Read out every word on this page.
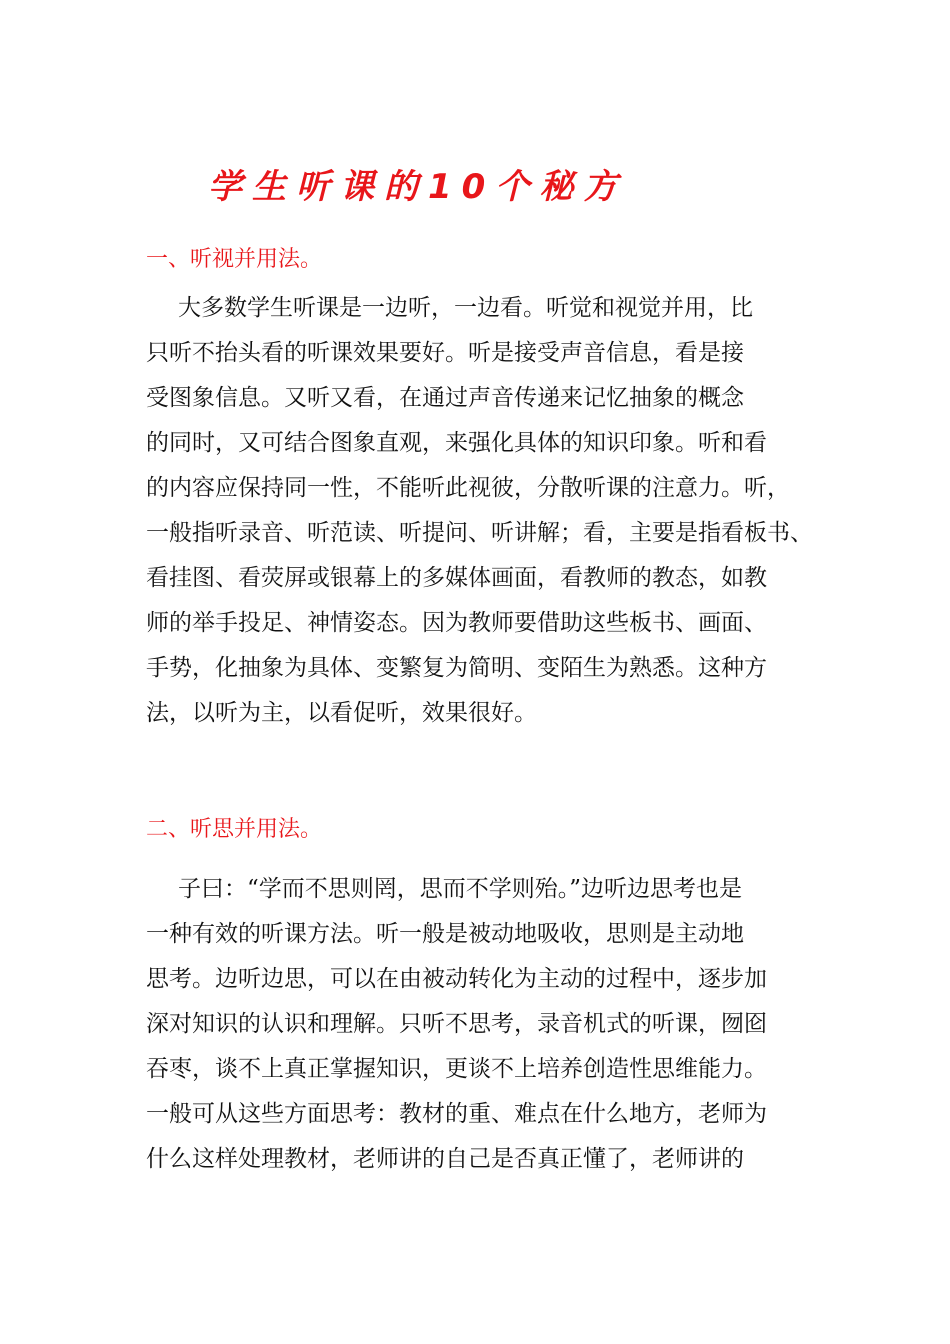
学生听课的10个秘方
一、听视并用法。
大多数学生听课是一边听，一边看。听觉和视觉并用，比
只听不抬头看的听课效果要好。听是接受声音信息，看是接
受图象信息。又听又看，在通过声音传递来记忆抽象的概念
的同时，又可结合图象直观，来强化具体的知识印象。听和看
的内容应保持同一性，不能听此视彼，分散听课的注意力。听，
一般指听录音、听范读、听提问、听讲解；看，主要是指看板书、
看挂图、看荧屏或银幕上的多媒体画面，看教师的教态，如教
师的举手投足、神情姿态。因为教师要借助这些板书、画面、
手势，化抽象为具体、变繁复为简明、变陌生为熟悉。这种方
法，以听为主，以看促听，效果很好。
二、听思并用法。
子曰：“学而不思则罔，思而不学则殆。”边听边思考也是
一种有效的听课方法。听一般是被动地吸收，思则是主动地
思考。边听边思，可以在由被动转化为主动的过程中，逐步加
深对知识的认识和理解。只听不思考，录音机式的听课，囫囵
吞枣，谈不上真正掌握知识，更谈不上培养创造性思维能力。
一般可从这些方面思考：教材的重、难点在什么地方，老师为
什么这样处理教材，老师讲的自己是否真正懂了，老师讲的
